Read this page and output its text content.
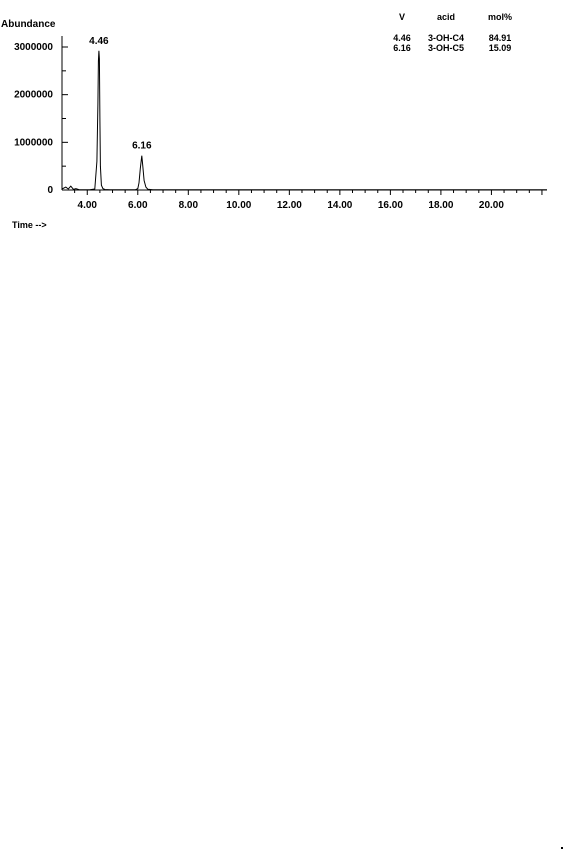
Abundance
0
1000000
2000000
3000000
4.00	6.00	8.00	10.00	12.00	14.00	16.00	18.00	20.00
Time -->
4.46
6.16
V	acid	mol%
4.46 3-OH-C4	84.91
6.16 3-OH-C5	15.09
